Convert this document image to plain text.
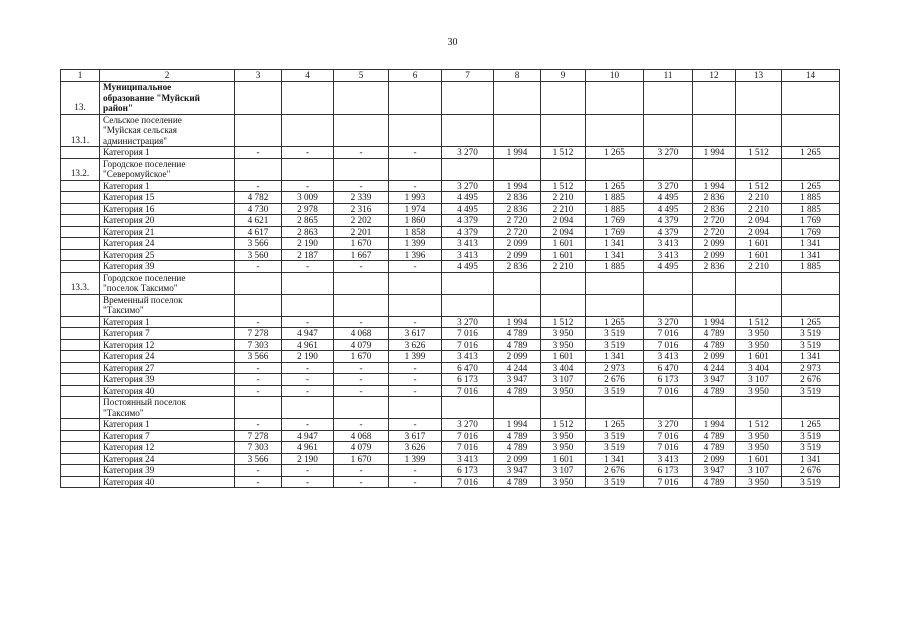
30
1	2	3	4	5	6	7	8	9	10	11	12	13	14
13.	Муниципальное
образование "Муйский
район"												

13.1.	Сельское поселение
"Муйская сельская
администрация"												

	Категория 1	-	-	-	-	3 270	1 994	1 512	1 265	3 270	1 994	1 512	1 265
13.2.	Городское поселение
"Северомуйское"												

	Категория 1	-	-	-	-	3 270	1 994	1 512	1 265	3 270	1 994	1 512	1 265
	Категория 15	4 782	3 009	2 339	1 993	4 495	2 836	2 210	1 885	4 495	2 836	2 210	1 885
	Категория 16	4 730	2 978	2 316	1 974	4 495	2 836	2 210	1 885	4 495	2 836	2 210	1 885
	Категория 20	4 621	2 865	2 202	1 860	4 379	2 720	2 094	1 769	4 379	2 720	2 094	1 769
	Категория 21	4 617	2 863	2 201	1 858	4 379	2 720	2 094	1 769	4 379	2 720	2 094	1 769
	Категория 24	3 566	2 190	1 670	1 399	3 413	2 099	1 601	1 341	3 413	2 099	1 601	1 341
	Категория 25	3 560	2 187	1 667	1 396	3 413	2 099	1 601	1 341	3 413	2 099	1 601	1 341
	Категория 39	-	-	-	-	4 495	2 836	2 210	1 885	4 495	2 836	2 210	1 885
13.3.	Городское поселение
"поселок Таксимо"												

	Временный поселок
"Таксимо"												

	Категория 1	-	-	-	-	3 270	1 994	1 512	1 265	3 270	1 994	1 512	1 265
	Категория 7	7 278	4 947	4 068	3 617	7 016	4 789	3 950	3 519	7 016	4 789	3 950	3 519
	Категория 12	7 303	4 961	4 079	3 626	7 016	4 789	3 950	3 519	7 016	4 789	3 950	3 519
	Категория 24	3 566	2 190	1 670	1 399	3 413	2 099	1 601	1 341	3 413	2 099	1 601	1 341
	Категория 27	-	-	-	-	6 470	4 244	3 404	2 973	6 470	4 244	3 404	2 973
	Категория 39	-	-	-	-	6 173	3 947	3 107	2 676	6 173	3 947	3 107	2 676
	Категория 40	-	-	-	-	7 016	4 789	3 950	3 519	7 016	4 789	3 950	3 519

	Постоянный поселок
"Таксимо"												

	Категория 1	-	-	-	-	3 270	1 994	1 512	1 265	3 270	1 994	1 512	1 265
	Категория 7	7 278	4 947	4 068	3 617	7 016	4 789	3 950	3 519	7 016	4 789	3 950	3 519
	Категория 12	7 303	4 961	4 079	3 626	7 016	4 789	3 950	3 519	7 016	4 789	3 950	3 519
	Категория 24	3 566	2 190	1 670	1 399	3 413	2 099	1 601	1 341	3 413	2 099	1 601	1 341
	Категория 39	-	-	-	-	6 173	3 947	3 107	2 676	6 173	3 947	3 107	2 676
	Категория 40	-	-	-	-	7 016	4 789	3 950	3 519	7 016	4 789	3 950	3 519
